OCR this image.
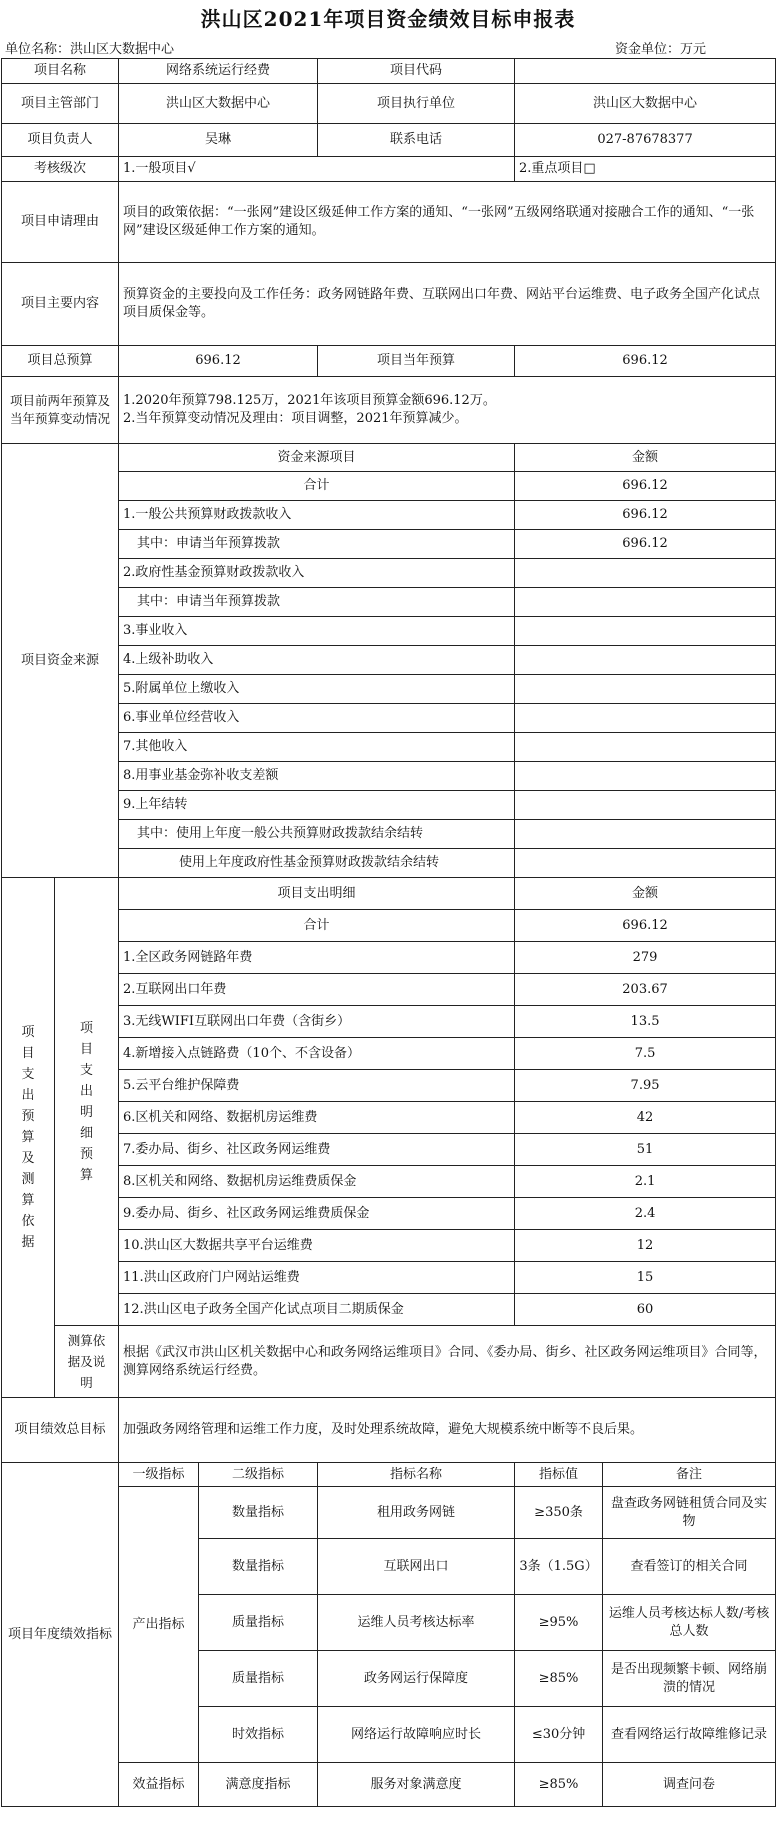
洪山区2021年项目资金绩效目标申报表
单位名称：洪山区大数据中心	资金单位：万元
项目名称		网络系统运行经费		项目代码		
项目主管部门		洪山区大数据中心		项目执行单位	洪山区大数据中心	
项目负责人		吴琳		联系电话	027-87678377	
考核级次		1.一般项目√			2.重点项目□	
项目申请理由		项目的政策依据：“一张网”建设区级延伸工作方案的通知、“一张网”五级网络联通对接融合工作的通知、“一张网”建设区级延伸工作方案的通知。				
项目主要内容		预算资金的主要投向及工作任务：政务网链路年费、互联网出口年费、网站平台运维费、电子政务全国产化试点项目质保金等。				
项目总预算		696.12		项目当年预算	696.12	
项目前两年预算及当年预算变动情况		1.2020年预算798.125万，2021年该项目预算金额696.12万。
2.当年预算变动情况及理由：项目调整，2021年预算减少。				

项目资金来源		资金来源项目			金额	
		合计			696.12	
		1.一般公共预算财政拨款收入			696.12	
		其中：申请当年预算拨款			696.12	
		2.政府性基金预算财政拨款收入				
		其中：申请当年预算拨款				
		3.事业收入				
		4.上级补助收入				
		5.附属单位上缴收入				
		6.事业单位经营收入				
		7.其他收入				
		8.用事业基金弥补收支差额				
		9.上年结转				
		其中：使用上年度一般公共预算财政拨款结余结转				
		使用上年度政府性基金预算财政拨款结余结转				
项目支出预算及测算依据	项目支出明细预算	项目支出明细			金额	
		合计			696.12	
		1.全区政务网链路年费			279	
		2.互联网出口年费			203.67	
		3.无线WIFI互联网出口年费（含街乡）			13.5	
		4.新增接入点链路费（10个、不含设备）			7.5	
		5.云平台维护保障费			7.95	
		6.区机关和网络、数据机房运维费			42	
		7.委办局、街乡、社区政务网运维费			51	
		8.区机关和网络、数据机房运维费质保金			2.1	
		9.委办局、街乡、社区政务网运维费质保金			2.4	
		10.洪山区大数据共享平台运维费			12	
		11.洪山区政府门户网站运维费			15	
		12.洪山区电子政务全国产化试点项目二期质保金			60	
	测算依据及说明	根据《武汉市洪山区机关数据中心和政务网络运维项目》合同、《委办局、街乡、社区政务网运维项目》合同等，测算网络系统运行经费。				
项目绩效总目标		加强政务网络管理和运维工作力度，及时处理系统故障，避免大规模系统中断等不良后果。				
项目年度绩效指标		一级指标	二级指标	指标名称	指标值	备注
		产出指标	数量指标	租用政务网链	≥350条	盘查政务网链租赁合同及实物
			数量指标	互联网出口	3条（1.5G）	查看签订的相关合同
			质量指标	运维人员考核达标率	≥95%	运维人员考核达标人数/考核总人数
			质量指标	政务网运行保障度	≥85%	是否出现频繁卡顿、网络崩溃的情况
			时效指标	网络运行故障响应时长	≤30分钟	查看网络运行故障维修记录
		效益指标	满意度指标	服务对象满意度	≥85%	调查问卷
